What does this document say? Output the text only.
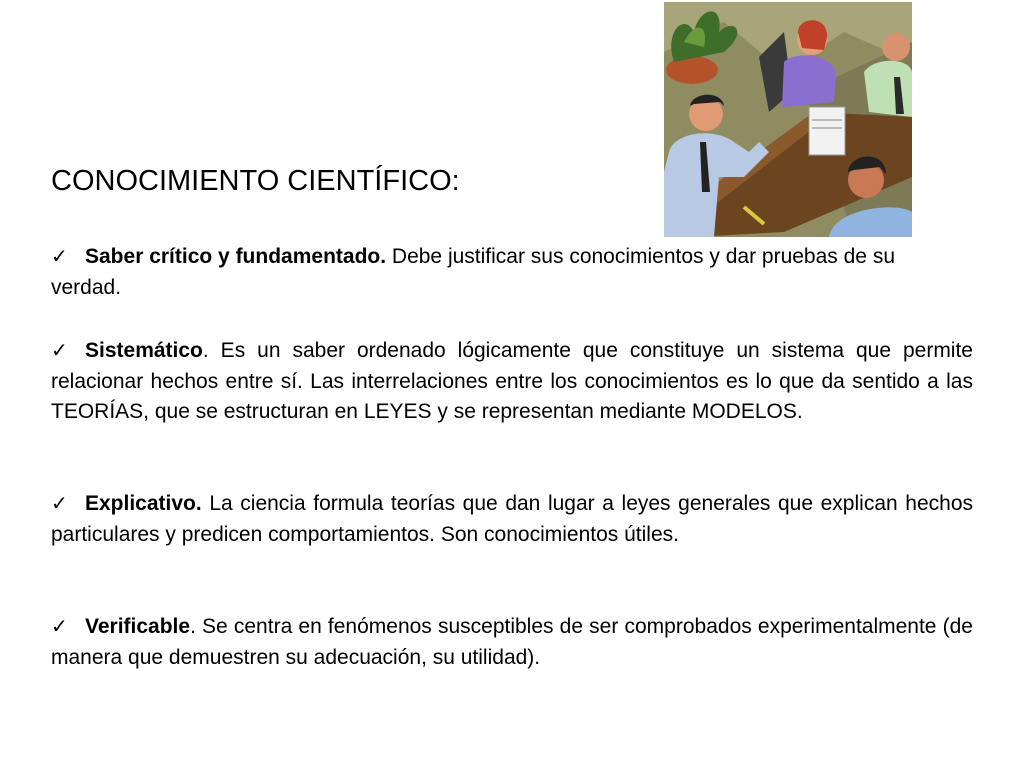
CONOCIMIENTO CIENTÍFICO:
✓ Saber crítico y fundamentado. Debe justificar sus conocimientos y dar pruebas de su verdad.
✓ Sistemático. Es un saber ordenado lógicamente que constituye un sistema que permite relacionar hechos entre sí. Las interrelaciones entre los conocimientos es lo que da sentido a las TEORÍAS, que se estructuran en LEYES y se representan mediante MODELOS.
✓ Explicativo. La ciencia formula teorías que dan lugar a leyes generales que explican hechos particulares y predicen comportamientos. Son conocimientos útiles.
✓ Verificable. Se centra en fenómenos susceptibles de ser comprobados experimentalmente (de manera que demuestren su adecuación, su utilidad).
